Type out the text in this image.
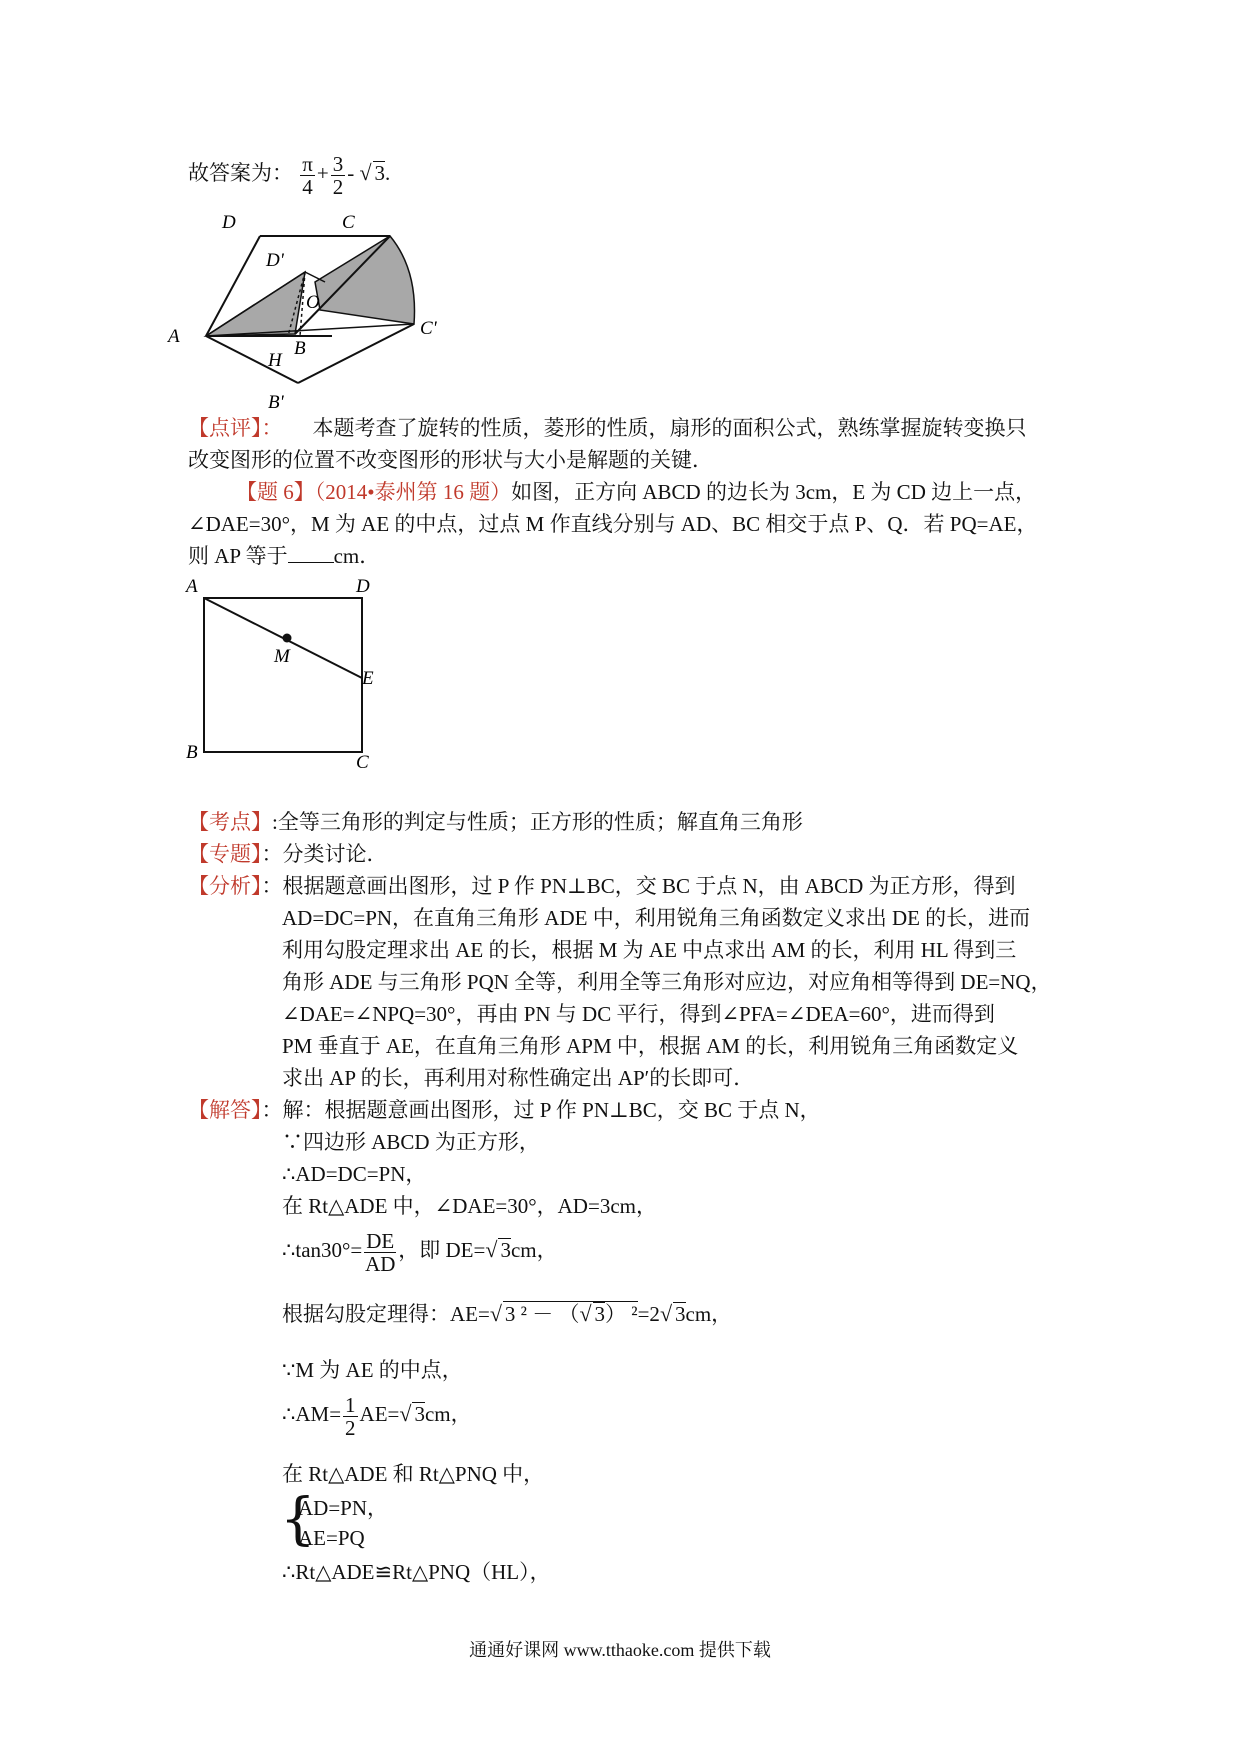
故答案为： $\frac{\pi}{4} + \frac{3}{2}$ - √ 3.
D	C
D'
O
A
B
H
C'
B'
【点评】： 本题考查了旋转的性质，菱形的性质，扇形的面积公式，熟练掌握旋转变换只
改变图形的位置不改变图形的形状与大小是解题的关键．
【题 6】（2014•泰州第 16 题）如图，正方向 ABCD 的边长为 3cm，E 为 CD 边上一点，
∠DAE=30°，M 为 AE 的中点，过点 M 作直线分别与 AD、BC 相交于点 P、Q．若 PQ=AE，
则 AP 等于 cm．
A	D
M
E
B	C
【考点】:全等三角形的判定与性质；正方形的性质；解直角三角形
【专题】：分类讨论．
【分析】：根据题意画出图形，过 P 作 PN⊥BC，交 BC 于点 N，由 ABCD 为正方形，得到
AD=DC=PN，在直角三角形 ADE 中，利用锐角三角函数定义求出 DE 的长，进而
利用勾股定理求出 AE 的长，根据 M 为 AE 中点求出 AM 的长，利用 HL 得到三
角形 ADE 与三角形 PQN 全等，利用全等三角形对应边，对应角相等得到 DE=NQ，
∠DAE=∠NPQ=30°，再由 PN 与 DC 平行，得到∠PFA=∠DEA=60°，进而得到
PM 垂直于 AE，在直角三角形 APM 中，根据 AM 的长，利用锐角三角函数定义
求出 AP 的长，再利用对称性确定出 AP′的长即可．
【解答】：解：根据题意画出图形，过 P 作 PN⊥BC，交 BC 于点 N，
∵四边形 ABCD 为正方形，
∴AD=DC=PN，
在 Rt△ADE 中，∠DAE=30°，AD=3cm，
∴tan30°= $\frac{DE}{AD}$ ，即 DE=√ 3cm，
根据勾股定理得：AE=√ 3 ² － （√ 3） ²=2√ 3cm，
∵M 为 AE 的中点，
∴AM= $\frac{1}{2} AE=√$ 3cm，
在 Rt△ADE 和 Rt△PNQ 中，
{
AD=PN，
AE=PQ
∴Rt△ADE≌Rt△PNQ（HL），
通通好课网 www.tthaoke.com 提供下载
